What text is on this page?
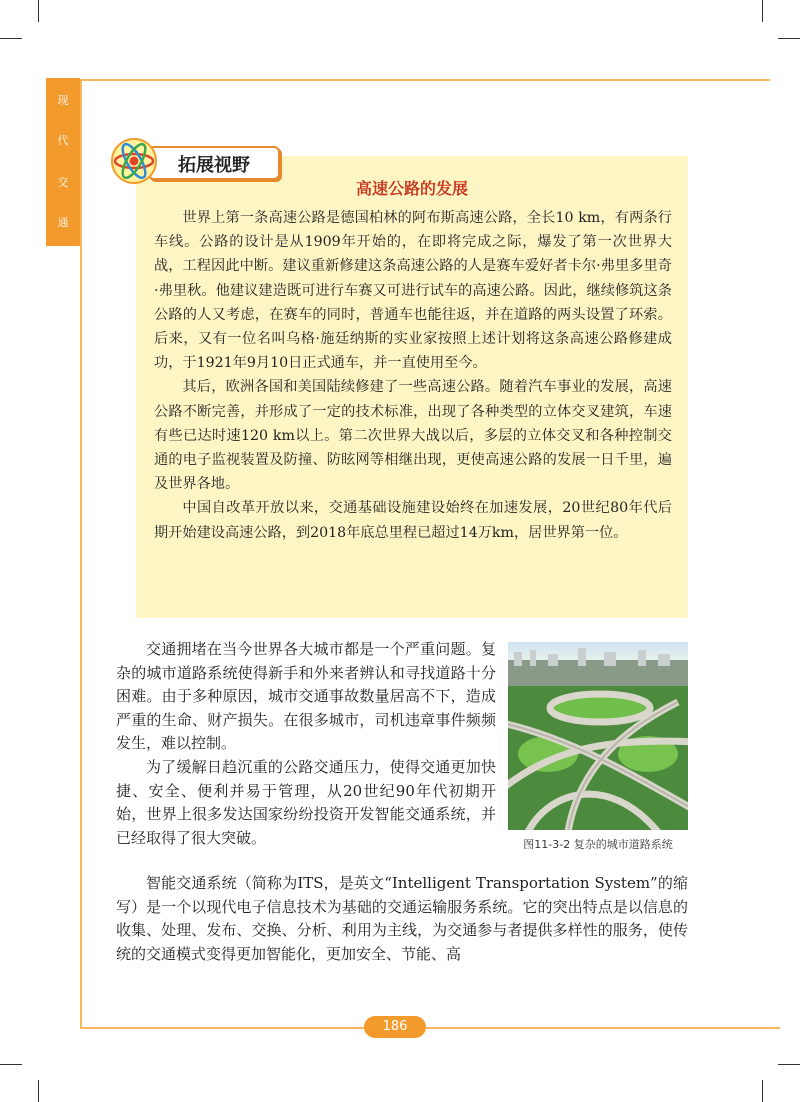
现
代
交
通
高速公路的发展

世界上第一条高速公路是德国柏林的阿布斯高速公路，全长10 km，有两条行车线。公路的设计是从1909年开始的，在即将完成之际，爆发了第一次世界大战，工程因此中断。建议重新修建这条高速公路的人是赛车爱好者卡尔·弗里多里奇·弗里秋。他建议建造既可进行车赛又可进行试车的高速公路。因此，继续修筑这条公路的人又考虑，在赛车的同时，普通车也能往返，并在道路的两头设置了环索。后来，又有一位名叫乌格·施廷纳斯的实业家按照上述计划将这条高速公路修建成功，于1921年9月10日正式通车，并一直使用至今。

其后，欧洲各国和美国陆续修建了一些高速公路。随着汽车事业的发展，高速公路不断完善，并形成了一定的技术标准，出现了各种类型的立体交叉建筑，车速有些已达时速120 km以上。第二次世界大战以后，多层的立体交叉和各种控制交通的电子监视装置及防撞、防眩网等相继出现，更使高速公路的发展一日千里，遍及世界各地。

中国自改革开放以来，交通基础设施建设始终在加速发展，20世纪80年代后期开始建设高速公路，到2018年底总里程已超过14万km，居世界第一位。

拓展视野

交通拥堵在当今世界各大城市都是一个严重问题。复杂的城市道路系统使得新手和外来者辨认和寻找道路十分困难。由于多种原因，城市交通事故数量居高不下，造成严重的生命、财产损失。在很多城市，司机违章事件频频发生，难以控制。

为了缓解日趋沉重的公路交通压力，使得交通更加快捷、安全、便利并易于管理，从20世纪90年代初期开始，世界上很多发达国家纷纷投资开发智能交通系统，并已经取得了很大突破。	图11-3-2 复杂的城市道路系统

智能交通系统（简称为ITS，是英文“Intelligent Transportation System”的缩写）是一个以现代电子信息技术为基础的交通运输服务系统。它的突出特点是以信息的收集、处理、发布、交换、分析、利用为主线，为交通参与者提供多样性的服务，使传统的交通模式变得更加智能化，更加安全、节能、高

186
